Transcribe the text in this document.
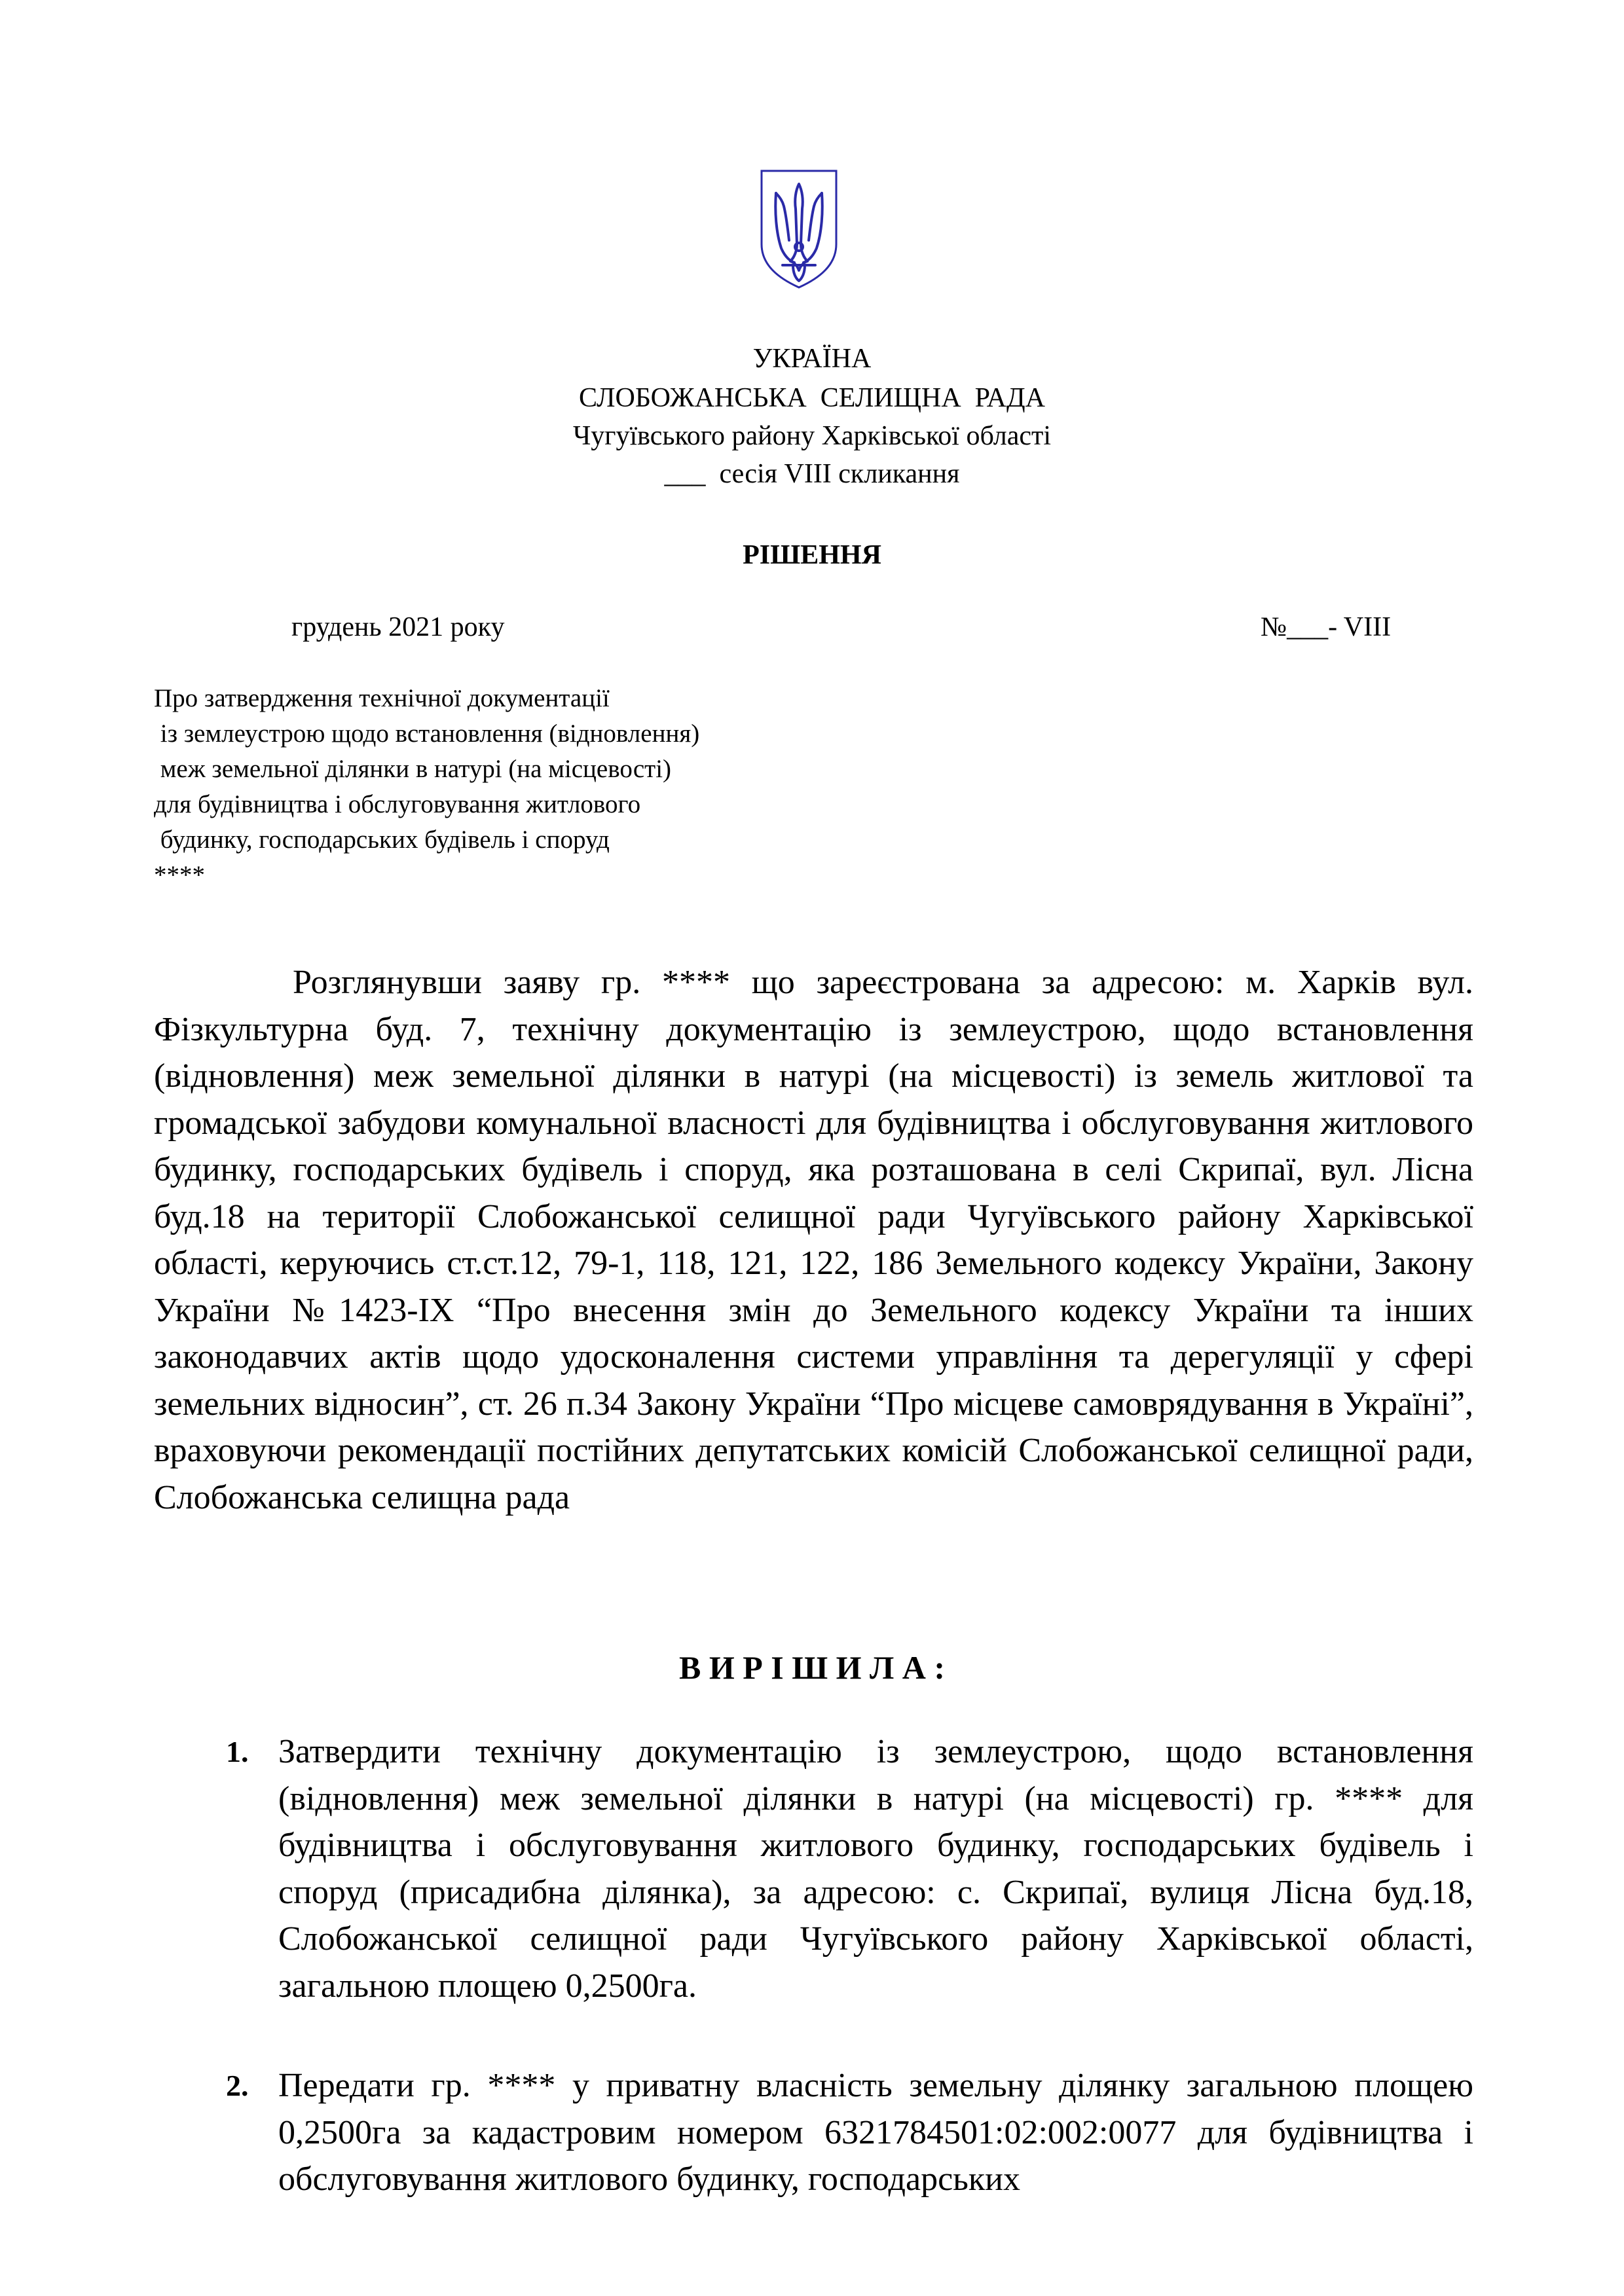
УКРАЇНА
СЛОБОЖАНСЬКА  СЕЛИЩНА  РАДА
Чугуївського району Харківської області
___  сесія VIII скликання
РІШЕННЯ
грудень 2021 року	№___- VIII
Про затвердження технічної документації
із землеустрою щодо встановлення (відновлення)
меж земельної ділянки в натурі (на місцевості)
для будівництва і обслуговування житлового
будинку, господарських будівель і споруд
****
Розглянувши заяву гр. **** що зареєстрована за адресою: м. Харків вул. Фізкультурна буд. 7, технічну документацію із землеустрою, щодо встановлення (відновлення) меж земельної ділянки в натурі (на місцевості) із земель житлової та громадської забудови комунальної власності для будівництва і обслуговування житлового будинку, господарських будівель і споруд, яка розташована в селі Скрипаї, вул. Лісна буд.18 на території Слобожанської селищної ради Чугуївського району Харківської області, керуючись ст.ст.12, 79-1, 118, 121, 122, 186 Земельного кодексу України, Закону України №1423-IX “Про внесення змін до Земельного кодексу України та інших законодавчих актів щодо удосконалення системи управління та дерегуляції у сфері земельних відносин”, ст. 26 п.34 Закону України “Про місцеве самоврядування в Україні”, враховуючи рекомендації постійних депутатських комісій Слобожанської селищної ради, Слобожанська селищна рада
В И Р І Ш И Л А :
1. Затвердити технічну документацію із землеустрою, щодо встановлення (відновлення) меж земельної ділянки в натурі (на місцевості) гр. **** для будівництва і обслуговування житлового будинку, господарських будівель і споруд (присадибна ділянка), за адресою: с. Скрипаї, вулиця Лісна буд.18, Слобожанської селищної ради Чугуївського району Харківської області, загальною площею 0,2500га.
2. Передати гр. **** у приватну власність земельну ділянку загальною площею 0,2500га за кадастровим номером 6321784501:02:002:0077 для будівництва і обслуговування житлового будинку, господарських
